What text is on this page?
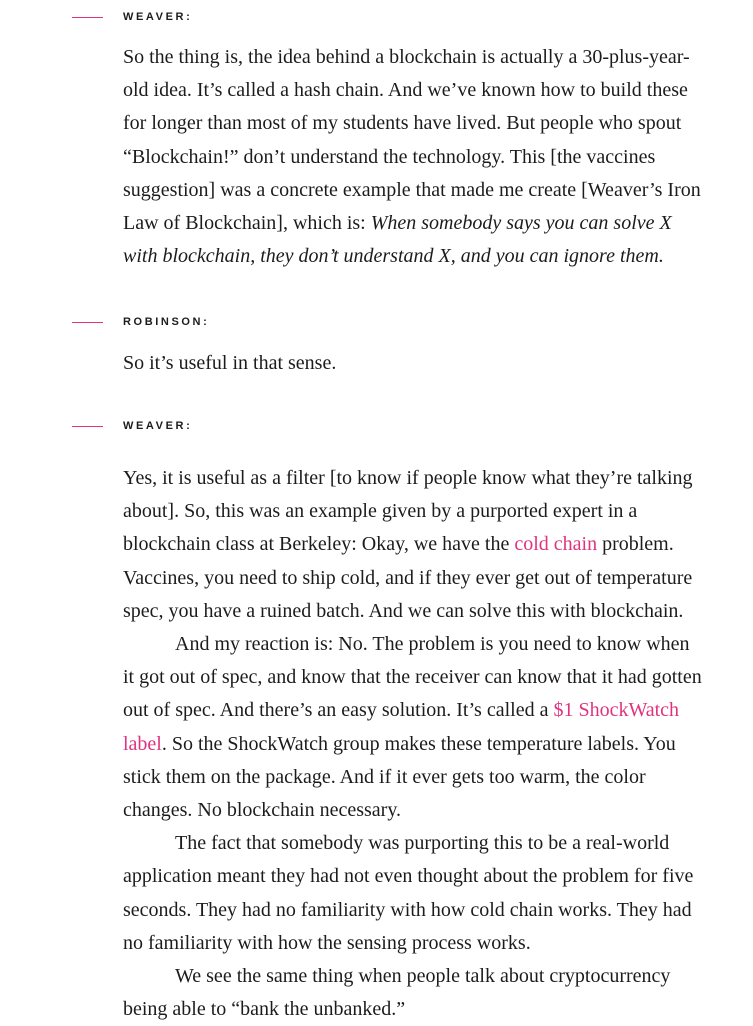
WEAVER:

So the thing is, the idea behind a blockchain is actually a 30-plus-year-old idea. It’s called a hash chain. And we’ve known how to build these for longer than most of my students have lived. But people who spout “Blockchain!” don’t understand the technology. This [the vaccines suggestion] was a concrete example that made me create [Weaver’s Iron Law of Blockchain], which is: When somebody says you can solve X with blockchain, they don’t understand X, and you can ignore them.

ROBINSON:

So it’s useful in that sense.

WEAVER:

Yes, it is useful as a filter [to know if people know what they’re talking about]. So, this was an example given by a purported expert in a blockchain class at Berkeley: Okay, we have the cold chain problem. Vaccines, you need to ship cold, and if they ever get out of temperature spec, you have a ruined batch. And we can solve this with blockchain.

And my reaction is: No. The problem is you need to know when it got out of spec, and know that the receiver can know that it had gotten out of spec. And there’s an easy solution. It’s called a $1 ShockWatch label. So the ShockWatch group makes these temperature labels. You stick them on the package. And if it ever gets too warm, the color changes. No blockchain necessary.

The fact that somebody was purporting this to be a real-world application meant they had not even thought about the problem for five seconds. They had no familiarity with how cold chain works. They had no familiarity with how the sensing process works.

We see the same thing when people talk about cryptocurrency being able to “bank the unbanked.”
